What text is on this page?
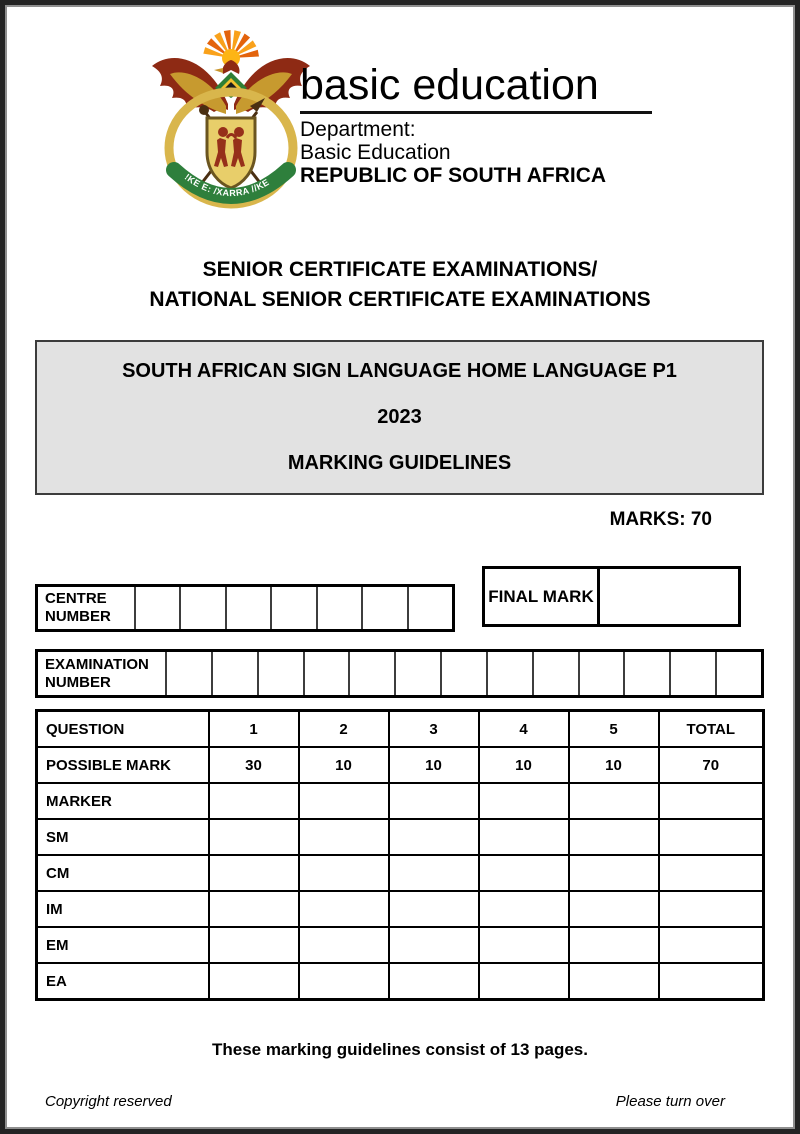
!KE E: /XARRA //KE
basic education
Department:
Basic Education
REPUBLIC OF SOUTH AFRICA
SENIOR CERTIFICATE EXAMINATIONS/
NATIONAL SENIOR CERTIFICATE EXAMINATIONS
SOUTH AFRICAN SIGN LANGUAGE HOME LANGUAGE P1
2023
MARKING GUIDELINES
MARKS: 70
CENTRE
NUMBER
FINAL MARK
EXAMINATION
NUMBER
QUESTION	1	2	3	4	5	TOTAL
POSSIBLE MARK	30	10	10	10	10	70
MARKER						
SM						
CM						
IM						
EM						
EA						
These marking guidelines consist of 13 pages.
Copyright reserved	Please turn over
